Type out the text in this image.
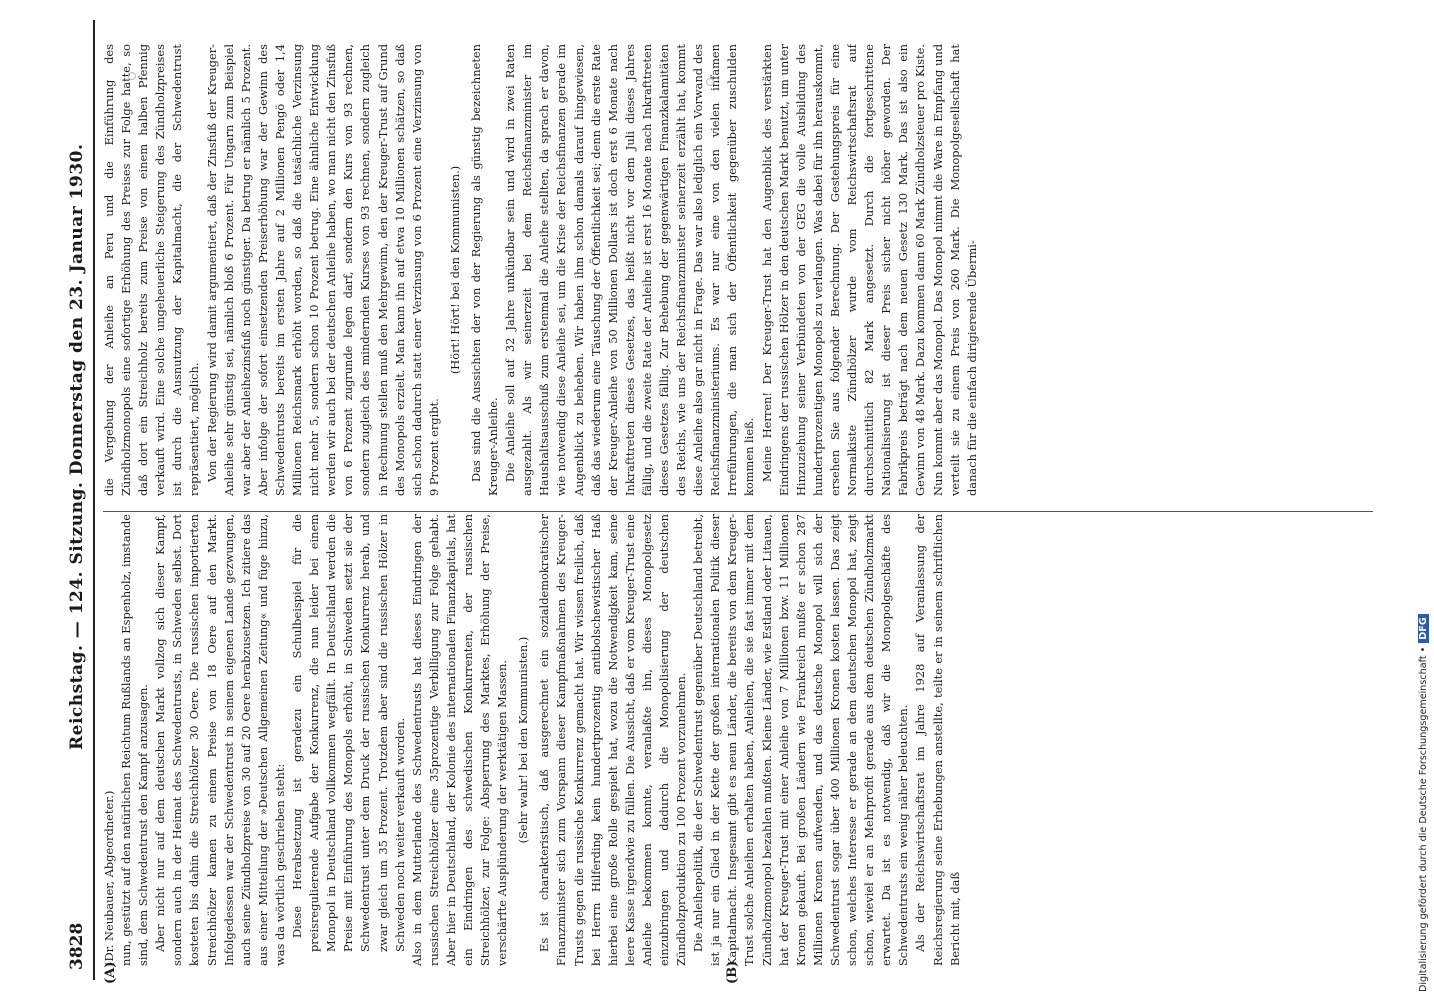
3828
Reichstag. — 124. Sitzung. Donnerstag den 23. Januar 1930.
(A)	(B)

(Dr. Neubauer, Abgeordneter.) nun, gestützt auf den natürlichen Reichtum Rußlands an Espenholz, imstande sind, dem Schwedentrust den Kampf anzusagen. Aber nicht nur auf dem deutschen Markt vollzog sich dieser Kampf, sondern auch in der Heimat des Schwedentrusts, in Schweden selbst. Dort kosteten bis dahin die Streichhölzer 30 Oere. Die russischen importierten Streichhölzer kamen zu einem Preise von 18 Oere auf den Markt. Infolgedessen war der Schwedentrust in seinem eigenen Lande gezwungen, auch seine Zündholzpreise von 30 auf 20 Oere herabzusetzen. Ich zitiere das aus einer Mitteilung der »Deutschen Allgemeinen Zeitung« und füge hinzu, was da wörtlich geschrieben steht: Diese Herabsetzung ist geradezu ein Schulbeispiel für die preisregulierende Aufgabe der Konkurrenz, die nun leider bei einem Monopol in Deutschland vollkommen wegfällt. In Deutschland werden die Preise mit Einführung des Monopols erhöht, in Schweden setzt sie der Schwedentrust unter dem Druck der russischen Konkurrenz herab, und zwar gleich um 35 Prozent. Trotzdem aber sind die russischen Hölzer in Schweden noch weiter verkauft worden. Also in dem Mutterlande des Schwedentrusts hat dieses Eindringen der russischen Streichhölzer eine 35prozentige Verbilligung zur Folge gehabt. Aber hier in Deutschland, der Kolonie des internationalen Finanzkapitals, hat ein Eindringen des schwedischen Konkurrenten, der russischen Streichhölzer, zur Folge: Absperrung des Marktes, Erhöhung der Preise, verschärfte Ausplünderung der werktätigen Massen. (Sehr wahr! bei den Kommunisten.) Es ist charakteristisch, daß ausgerechnet ein sozialdemokratischer Finanzminister sich zum Vorspann dieser Kampfmaßnahmen des Kreuger-Trusts gegen die russische Konkurrenz gemacht hat. Wir wissen freilich, daß bei Herrn Hilferding kein hundertprozentig antibolschewistischer Haß hierbei eine große Rolle gespielt hat, wozu die Notwendigkeit kam, seine leere Kasse irgendwie zu füllen. Die Aussicht, daß er vom Kreuger-Trust eine Anleihe bekommen konnte, veranlaßte ihn, dieses Monopolgesetz einzubringen und dadurch die Monopolisierung der deutschen Zündholzproduktion zu 100 Prozent vorzunehmen. Die Anleihepolitik, die der Schwedentrust gegenüber Deutschland betreibt, ist ja nur ein Glied in der Kette der großen internationalen Politik dieser Kapitalmacht. Insgesamt gibt es neun Länder, die bereits von dem Kreuger-Trust solche Anleihen erhalten haben, Anleihen, die sie fast immer mit dem Zündholzmonopol bezahlen mußten. Kleine Länder, wie Estland oder Litauen, hat der Kreuger-Trust mit einer Anleihe von 7 Millionen bzw. 11 Millionen Kronen gekauft. Bei großen Ländern wie Frankreich mußte er schon 287 Millionen Kronen aufwenden, und das deutsche Monopol will sich der Schwedentrust sogar über 400 Millionen Kronen kosten lassen. Das zeigt schon, welches Interesse er gerade an dem deutschen Monopol hat, zeigt schon, wieviel er an Mehrprofit gerade aus dem deutschen Zündholzmarkt erwartet. Da ist es notwendig, daß wir die Monopolgeschäfte des Schwedentrusts ein wenig näher beleuchten. Als der Reichswirtschaftsrat im Jahre 1928 auf Veranlassung der Reichsregierung seine Erhebungen anstellte, teilte er in seinem schriftlichen Bericht mit, daß

die Vergebung der Anleihe an Peru und die Einführung des Zündholzmonopols eine sofortige Erhöhung des Preises zur Folge hatte, so daß dort ein Streichholz bereits zum Preise von einem halben Pfennig verkauft wird. Eine solche ungeheuerliche Steigerung des Zündholzpreises ist durch die Ausnutzung der Kapitalmacht, die der Schwedentrust repräsentiert, möglich. Von der Regierung wird damit argumentiert, daß der Zinsfuß der Kreuger-Anleihe sehr günstig sei, nämlich bloß 6 Prozent. Für Ungarn zum Beispiel war aber der Anleihezinsfuß noch günstiger. Da betrug er nämlich 5 Prozent. Aber infolge der sofort einsetzenden Preiserhöhung war der Gewinn des Schwedentrusts bereits im ersten Jahre auf 2 Millionen Pengö oder 1,4 Millionen Reichsmark erhöht worden, so daß die tatsächliche Verzinsung nicht mehr 5, sondern schon 10 Prozent betrug. Eine ähnliche Entwicklung werden wir auch bei der deutschen Anleihe haben, wo man nicht den Zinsfuß von 6 Prozent zugrunde legen darf, sondern den Kurs von 93 rechnen, sondern zugleich des mindernden Kurses von 93 rechnen, sondern zugleich in Rechnung stellen muß den Mehrgewinn, den der Kreuger-Trust auf Grund des Monopols erzielt. Man kann ihn auf etwa 10 Millionen schätzen, so daß sich schon dadurch statt einer Verzinsung von 6 Prozent eine Verzinsung von 9 Prozent ergibt.

(Hört! Hört! bei den Kommunisten.) Das sind die Aussichten der von der Regierung als günstig bezeichneten Kreuger-Anleihe. Die Anleihe soll auf 32 Jahre unkündbar sein und wird in zwei Raten ausgezahlt. Als wir seinerzeit bei dem Reichsfinanzminister im Haushaltsausschuß zum erstenmal die Anleihe stellten, da sprach er davon, wie notwendig diese Anleihe sei, um die Krise der Reichsfinanzen gerade im Augenblick zu beheben. Wir haben ihm schon damals darauf hingewiesen, daß das wiederum eine Täuschung der Öffentlichkeit sei; denn die erste Rate der Kreuger-Anleihe von 50 Millionen Dollars ist doch erst 6 Monate nach Inkrafttreten dieses Gesetzes, das heißt nicht vor dem Juli dieses Jahres fällig, und die zweite Rate der Anleihe ist erst 16 Monate nach Inkrafttreten dieses Gesetzes fällig. Zur Behebung der gegenwärtigen Finanzkalamitäten des Reichs, wie uns der Reichsfinanzminister seinerzeit erzählt hat, kommt diese Anleihe also gar nicht in Frage. Das war also lediglich ein Vorwand des Reichsfinanzministeriums. Es war nur eine von den vielen infamen Irreführungen, die man sich der Öffentlichkeit gegenüber zuschulden kommen ließ. Meine Herren! Der Kreuger-Trust hat den Augenblick des verstärkten Eindringens der russischen Hölzer in den deutschen Markt benutzt, um unter Hinzuziehung seiner Verbündeten von der GEG die volle Ausbildung des hundertprozentigen Monopols zu verlangen. Was dabei für ihn herauskommt, ersehen Sie aus folgender Berechnung. Der Gestehungspreis für eine Normalkiste Zündhölzer wurde vom Reichswirtschaftsrat auf durchschnittlich 82 Mark angesetzt. Durch die fortgeschrittene Nationalisierung ist dieser Preis sicher nicht höher geworden. Der Fabrikpreis beträgt nach dem neuen Gesetz 130 Mark. Das ist also ein Gewinn von 48 Mark. Dazu kommen dann 60 Mark Zündholzsteuer pro Kiste. Nun kommt aber das Monopol. Das Monopol nimmt die Ware in Empfang und verteilt sie zu einem Preis von 260 Mark. Die Monopolgesellschaft hat danach für die einfach dirigierende Übermi-

Digitalisierung gefördert durch die Deutsche Forschungsgemeinschaft •DFG
